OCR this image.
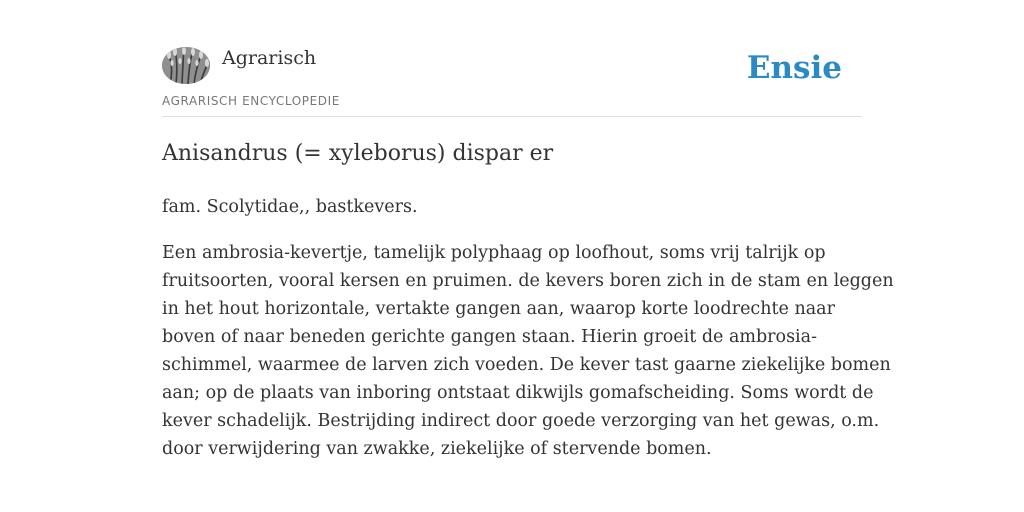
Agrarisch
AGRARISCH ENCYCLOPEDIE
Ensie
Anisandrus (= xyleborus) dispar er
fam. Scolytidae,, bastkevers.
Een ambrosia-kevertje, tamelijk polyphaag op loofhout, soms vrij talrijk op
fruitsoorten, vooral kersen en pruimen. de kevers boren zich in de stam en leggen
in het hout horizontale, vertakte gangen aan, waarop korte loodrechte naar
boven of naar beneden gerichte gangen staan. Hierin groeit de ambrosia-
schimmel, waarmee de larven zich voeden. De kever tast gaarne ziekelijke bomen
aan; op de plaats van inboring ontstaat dikwijls gomafscheiding. Soms wordt de
kever schadelijk. Bestrijding indirect door goede verzorging van het gewas, o.m.
door verwijdering van zwakke, ziekelijke of stervende bomen.
